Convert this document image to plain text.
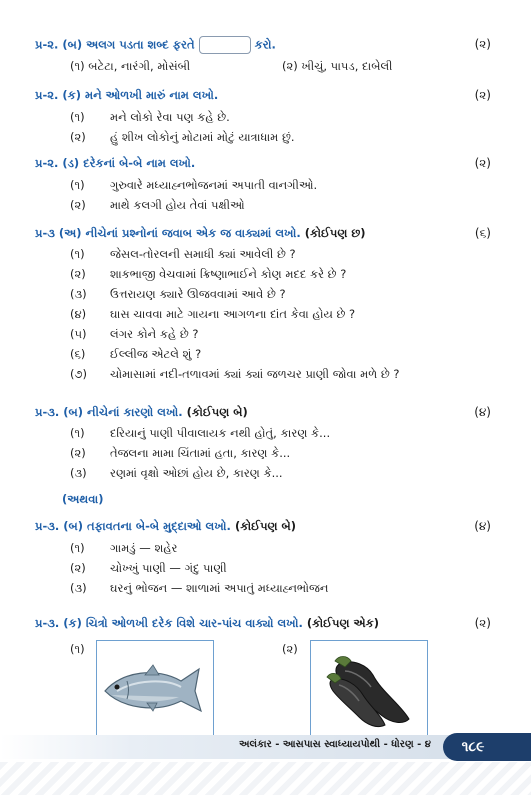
પ્ર-૨. (બ) અલગ પડતા શબ્દ ફરતે	કરો.	(૨)
(૧) બટેટા, નારંગી, મોસંબી	(૨) ખીચું, પાપડ, દાબેલી
પ્ર-૨. (ક) મને ઓળખી મારું નામ લખો.	(૨)
(૧) મને લોકો રેવા પણ કહે છે.
(૨) હું શીખ લોકોનું મોટામાં મોટું યાત્રાધામ છું.
પ્ર-૨. (ડ) દરેકનાં બે-બે નામ લખો.	(૨)
(૧) ગુરુવારે મધ્યાહ્નભોજનમાં અપાતી વાનગીઓ.
(૨) માથે કલગી હોય તેવાં પક્ષીઓ
પ્ર-૩ (અ) નીચેનાં પ્રશ્નોનાં જવાબ એક જ વાક્યમાં લખો. (કોઈપણ છ)	(૬)
(૧) જેસલ-તોરલની સમાધી ક્યાં આવેલી છે ?
(૨) શાકભાજી વેચવામાં ક્રિષ્ણાભાઈને કોણ મદદ કરે છે ?
(૩) ઉત્તરાયણ ક્યારે ઊજવવામાં આવે છે ?
(૪) ઘાસ ચાવવા માટે ગાયના આગળના દાંત કેવા હોય છે ?
(૫) લંગર કોને કહે છે ?
(૬) ઈલ્લીજ એટલે શું ?
(૭) ચોમાસામાં નદી-તળાવમાં ક્યાં ક્યાં જળચર પ્રાણી જોવા મળે છે ?
પ્ર-૩. (બ) નીચેનાં કારણો લખો. (કોઈપણ બે)	(૪)
(૧) દરિયાનું પાણી પીવાલાયક નથી હોતું, કારણ કે...
(૨) તેજલના મામા ચિંતામાં હતા, કારણ કે...
(૩) રણમાં વૃક્ષો ઓછાં હોય છે, કારણ કે...
(અથવા)
પ્ર-૩. (બ) તફાવતના બે-બે મુદ્દાઓ લખો. (કોઈપણ બે)	(૪)
(૧) ગામડું — શહેર
(૨) ચોખ્ખું પાણી — ગંદુ પાણી
(૩) ઘરનું ભોજન — શાળામાં અપાતું મધ્યાહ્નભોજન
પ્ર-૩. (ક) ચિત્રો ઓળખી દરેક વિશે ચાર-પાંચ વાક્યો લખો. (કોઈપણ એક)	(૨)
(૧)	(૨)
અલંકાર - આસપાસ સ્વાધ્યાયપોથી - ધોરણ - ૪	૧૮૯
